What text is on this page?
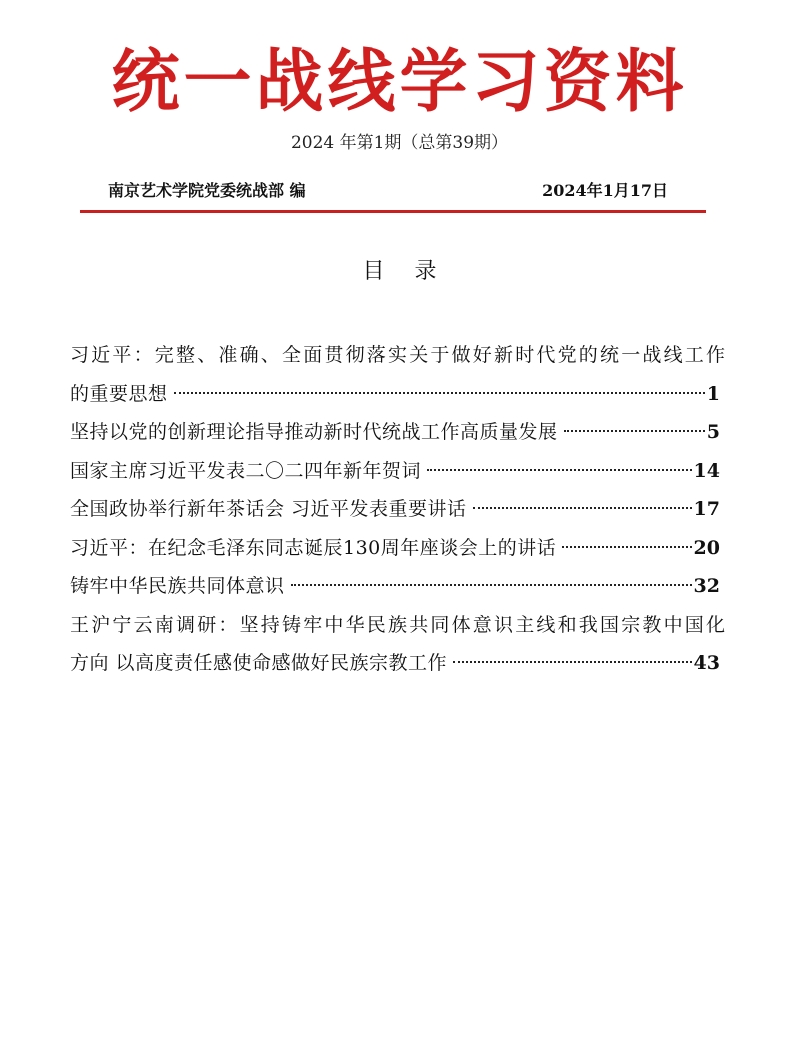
统一战线学习资料
2024 年第1期（总第39期）
南京艺术学院党委统战部 编	2024年1月17日
目录
习近平：完整、准确、全面贯彻落实关于做好新时代党的统一战线工作
的重要思想	1
坚持以党的创新理论指导推动新时代统战工作高质量发展	5
国家主席习近平发表二〇二四年新年贺词	14
全国政协举行新年茶话会 习近平发表重要讲话	17
习近平：在纪念毛泽东同志诞辰130周年座谈会上的讲话	20
铸牢中华民族共同体意识	32
王沪宁云南调研：坚持铸牢中华民族共同体意识主线和我国宗教中国化
方向 以高度责任感使命感做好民族宗教工作	43
